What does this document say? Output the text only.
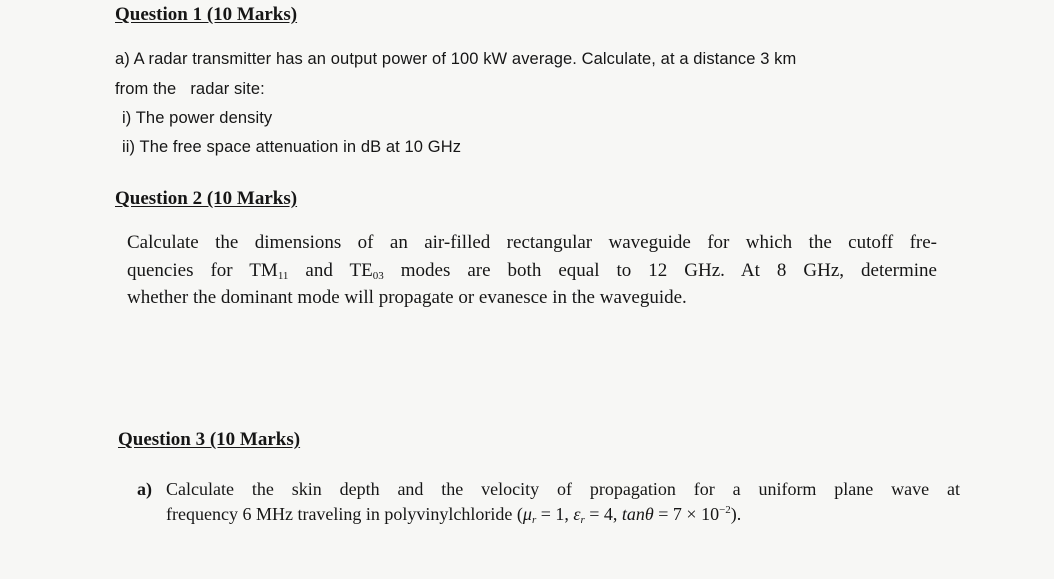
Question 1 (10 Marks)
a) A radar transmitter has an output power of 100 kW average. Calculate, at a distance 3 km
from the radar site:
i) The power density
ii) The free space attenuation in dB at 10 GHz
Question 2 (10 Marks)
Calculate the dimensions of an air-filled rectangular waveguide for which the cutoff fre-
quencies for $TM_{11}$ and $TE_{03}$ modes are both equal to 12 GHz. At 8 GHz, determine
whether the dominant mode will propagate or evanesce in the waveguide.
Question 3 (10 Marks)
a) Calculate the skin depth and the velocity of propagation for a uniform plane wave at
frequency 6 MHz traveling in polyvinylchloride ($\mu_r = 1$, $\varepsilon_r = 4$, $\tan\theta = 7 \times 10^{-2}$).
